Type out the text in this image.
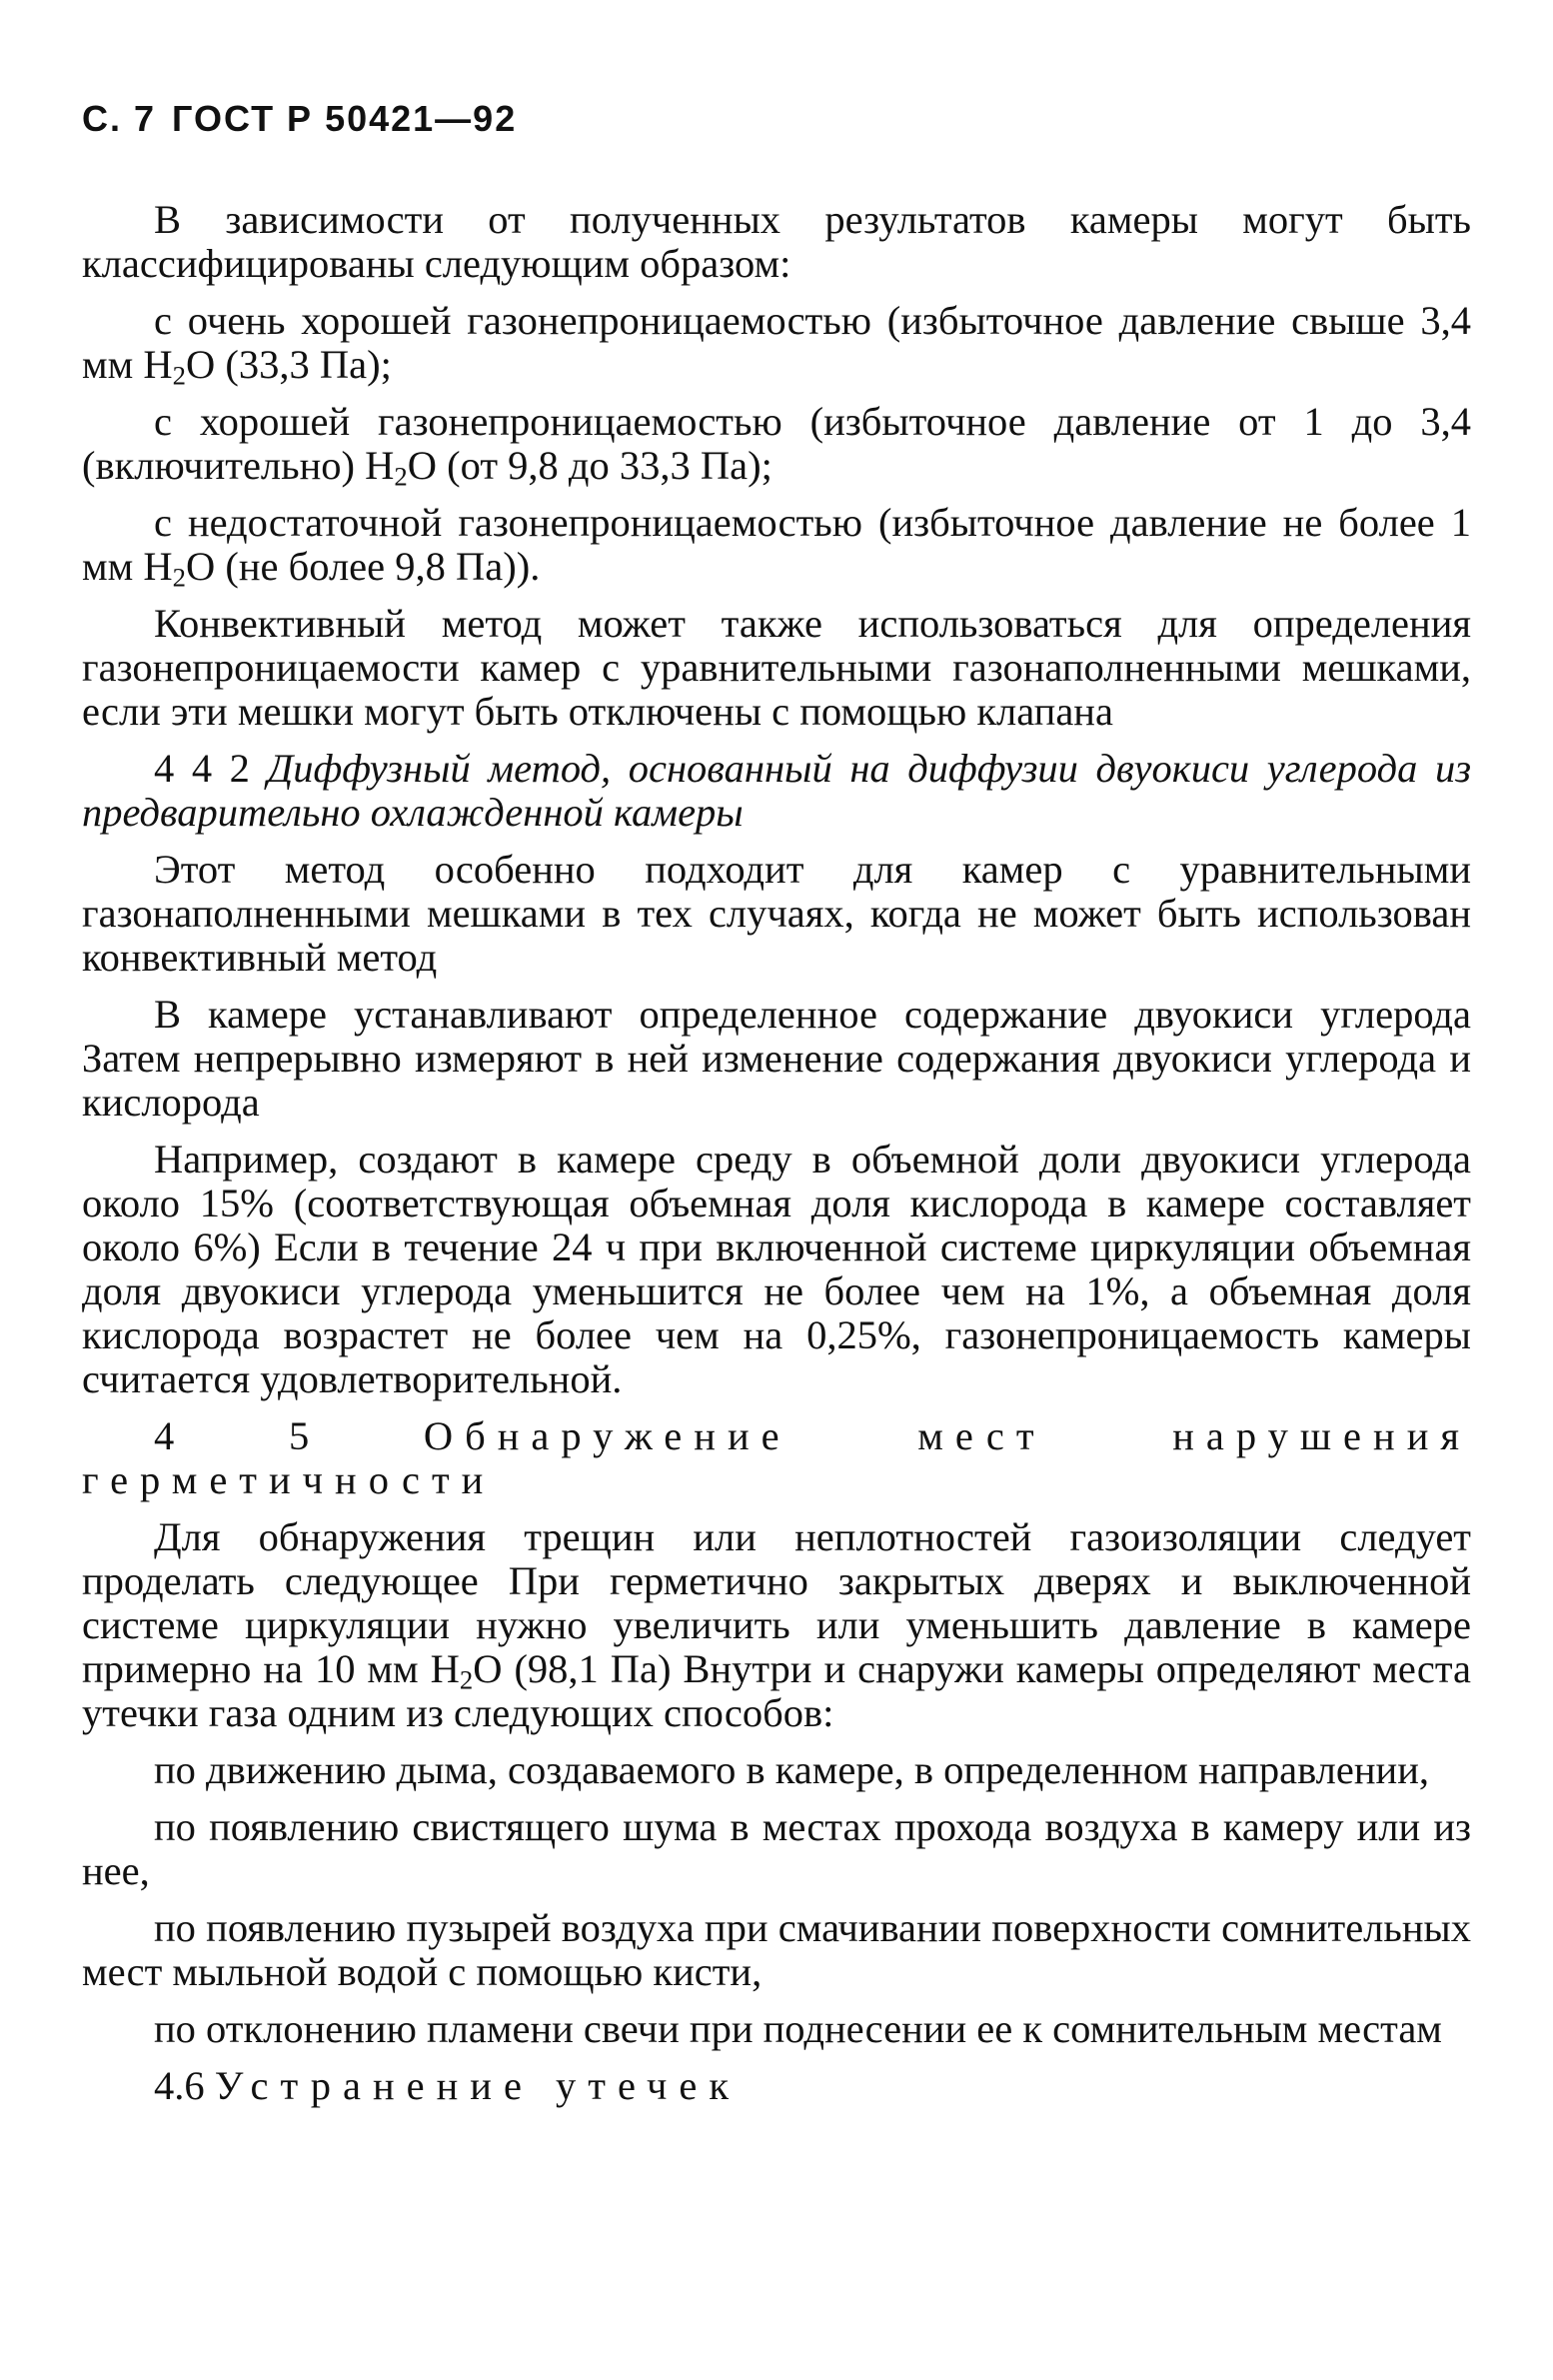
С. 7 ГОСТ Р 50421—92

В зависимости от полученных результатов камеры могут быть классифицированы следующим образом:

с очень хорошей газонепроницаемостью (избыточное давление свыше 3,4 мм $H_2O$ (33,3 Па);

с хорошей газонепроницаемостью (избыточное давление от 1 до 3,4 (включительно) $H_2O$ (от 9,8 до 33,3 Па);

с недостаточной газонепроницаемостью (избыточное давление не более 1 мм $H_2O$ (не более 9,8 Па)).

Конвективный метод может также использоваться для определения газонепроницаемости камер с уравнительными газонаполненными мешками, если эти мешки могут быть отключены с помощью клапана

4 4 2 Диффузный метод, основанный на диффузии двуокиси углерода из предварительно охлажденной камеры

Этот метод особенно подходит для камер с уравнительными газонаполненными мешками в тех случаях, когда не может быть использован конвективный метод

В камере устанавливают определенное содержание двуокиси углерода Затем непрерывно измеряют в ней изменение содержания двуокиси углерода и кислорода

Например, создают в камере среду в объемной доли двуокиси углерода около 15% (соответствующая объемная доля кислорода в камере составляет около 6%) Если в течение 24 ч при включенной системе циркуляции объемная доля двуокиси углерода уменьшится не более чем на 1%, а объемная доля кислорода возрастет не более чем на 0,25%, газонепроницаемость камеры считается удовлетворительной.

4 5	Обнаружение мест нарушения герметичности

Для обнаружения трещин или неплотностей газоизоляции следует проделать следующее При герметично закрытых дверях и выключенной системе циркуляции нужно увеличить или уменьшить давление в камере примерно на 10 мм $H_2O$ (98,1 Па) Внутри и снаружи камеры определяют места утечки газа одним из следующих способов:

по движению дыма, создаваемого в камере, в определенном направлении,

по появлению свистящего шума в местах прохода воздуха в камеру или из нее,

по появлению пузырей воздуха при смачивании поверхности сомнительных мест мыльной водой с помощью кисти,

по отклонению пламени свечи при поднесении ее к сомнительным местам

4.6 Устранение утечек
